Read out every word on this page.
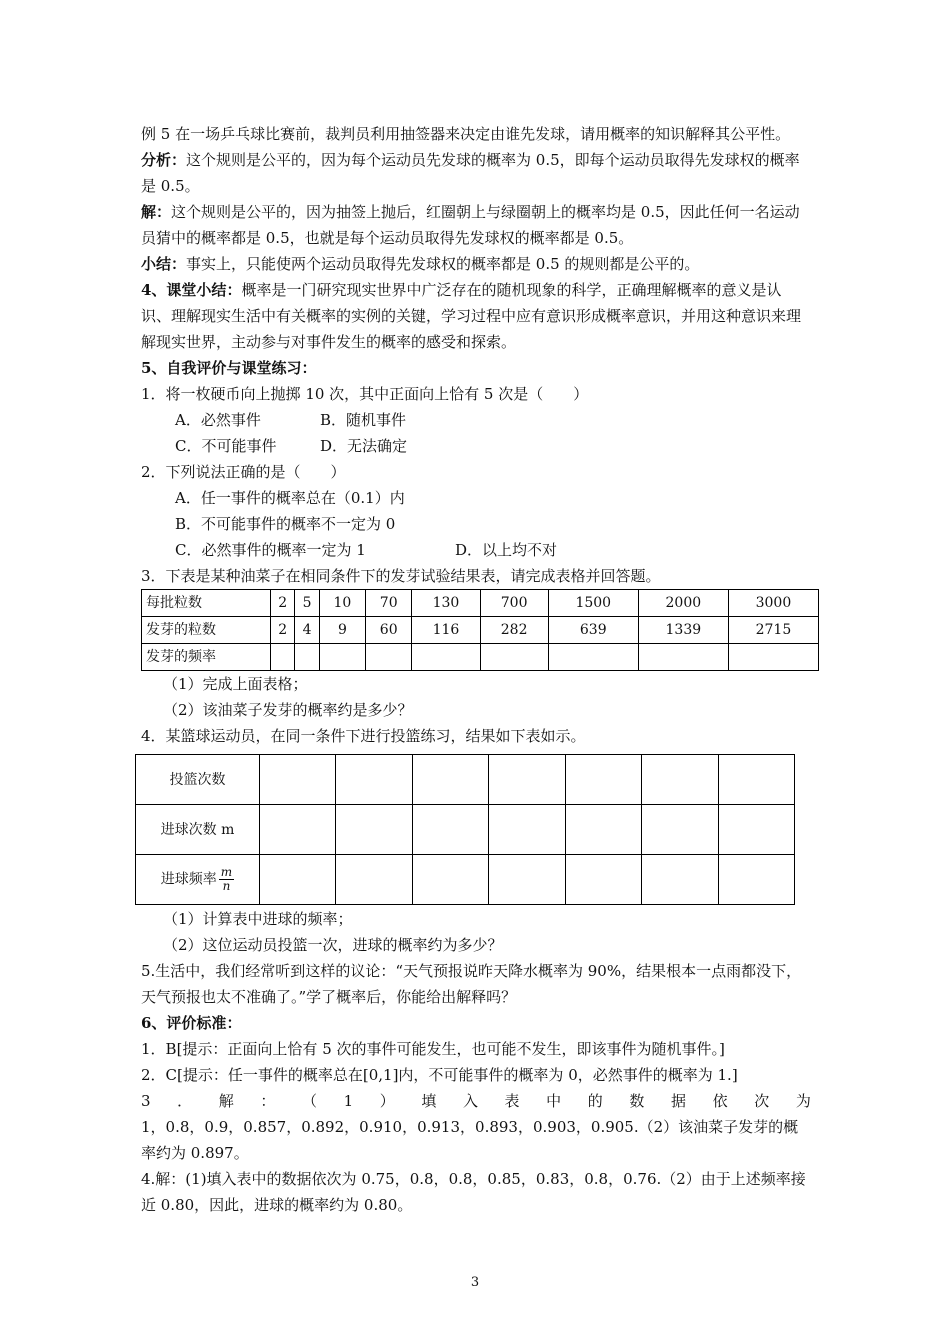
例 5 在一场乒乓球比赛前，裁判员利用抽签器来决定由谁先发球，请用概率的知识解释其公平性。

分析：这个规则是公平的，因为每个运动员先发球的概率为 0.5，即每个运动员取得先发球权的概率是 0.5。

解：这个规则是公平的，因为抽签上抛后，红圈朝上与绿圈朝上的概率均是 0.5，因此任何一名运动员猜中的概率都是 0.5，也就是每个运动员取得先发球权的概率都是 0.5。

小结：事实上，只能使两个运动员取得先发球权的概率都是 0.5 的规则都是公平的。

4、课堂小结：概率是一门研究现实世界中广泛存在的随机现象的科学，正确理解概率的意义是认识、理解现实生活中有关概率的实例的关键，学习过程中应有意识形成概率意识，并用这种意识来理解现实世界，主动参与对事件发生的概率的感受和探索。

5、自我评价与课堂练习：

1．将一枚硬币向上抛掷 10 次，其中正面向上恰有 5 次是（　　）

A．必然事件	B．随机事件

C．不可能事件	D．无法确定

2．下列说法正确的是（　　）

A．任一事件的概率总在（0.1）内

B．不可能事件的概率不一定为 0

C．必然事件的概率一定为 1	D．以上均不对

3．下表是某种油菜子在相同条件下的发芽试验结果表，请完成表格并回答题。

每批粒数	2	5	10	70	130	700	1500	2000	3000
发芽的粒数	2	4	9	60	116	282	639	1339	2715
发芽的频率									

（1）完成上面表格；

（2）该油菜子发芽的概率约是多少？

4．某篮球运动员，在同一条件下进行投篮练习，结果如下表如示。

投篮次数							
进球次数 m							
进球频率 $\frac{m}{n}$

（1）计算表中进球的频率；

（2）这位运动员投篮一次，进球的概率约为多少？

5.生活中，我们经常听到这样的议论：“天气预报说昨天降水概率为 90%，结果根本一点雨都没下，天气预报也太不准确了。”学了概率后，你能给出解释吗？

6、评价标准：

1．B[提示：正面向上恰有 5 次的事件可能发生，也可能不发生，即该事件为随机事件。]

2．C[提示：任一事件的概率总在[0,1]内，不可能事件的概率为 0，必然事件的概率为 1.]

3 ． 解 ： （ 1 ） 填 入 表 中 的 数 据 依 次 为

1，0.8，0.9，0.857，0.892，0.910，0.913，0.893，0.903，0.905.（2）该油菜子发芽的概率约为 0.897。

4.解：(1)填入表中的数据依次为 0.75，0.8，0.8，0.85，0.83，0.8，0.76.（2）由于上述频率接近 0.80，因此，进球的概率约为 0.80。

3
